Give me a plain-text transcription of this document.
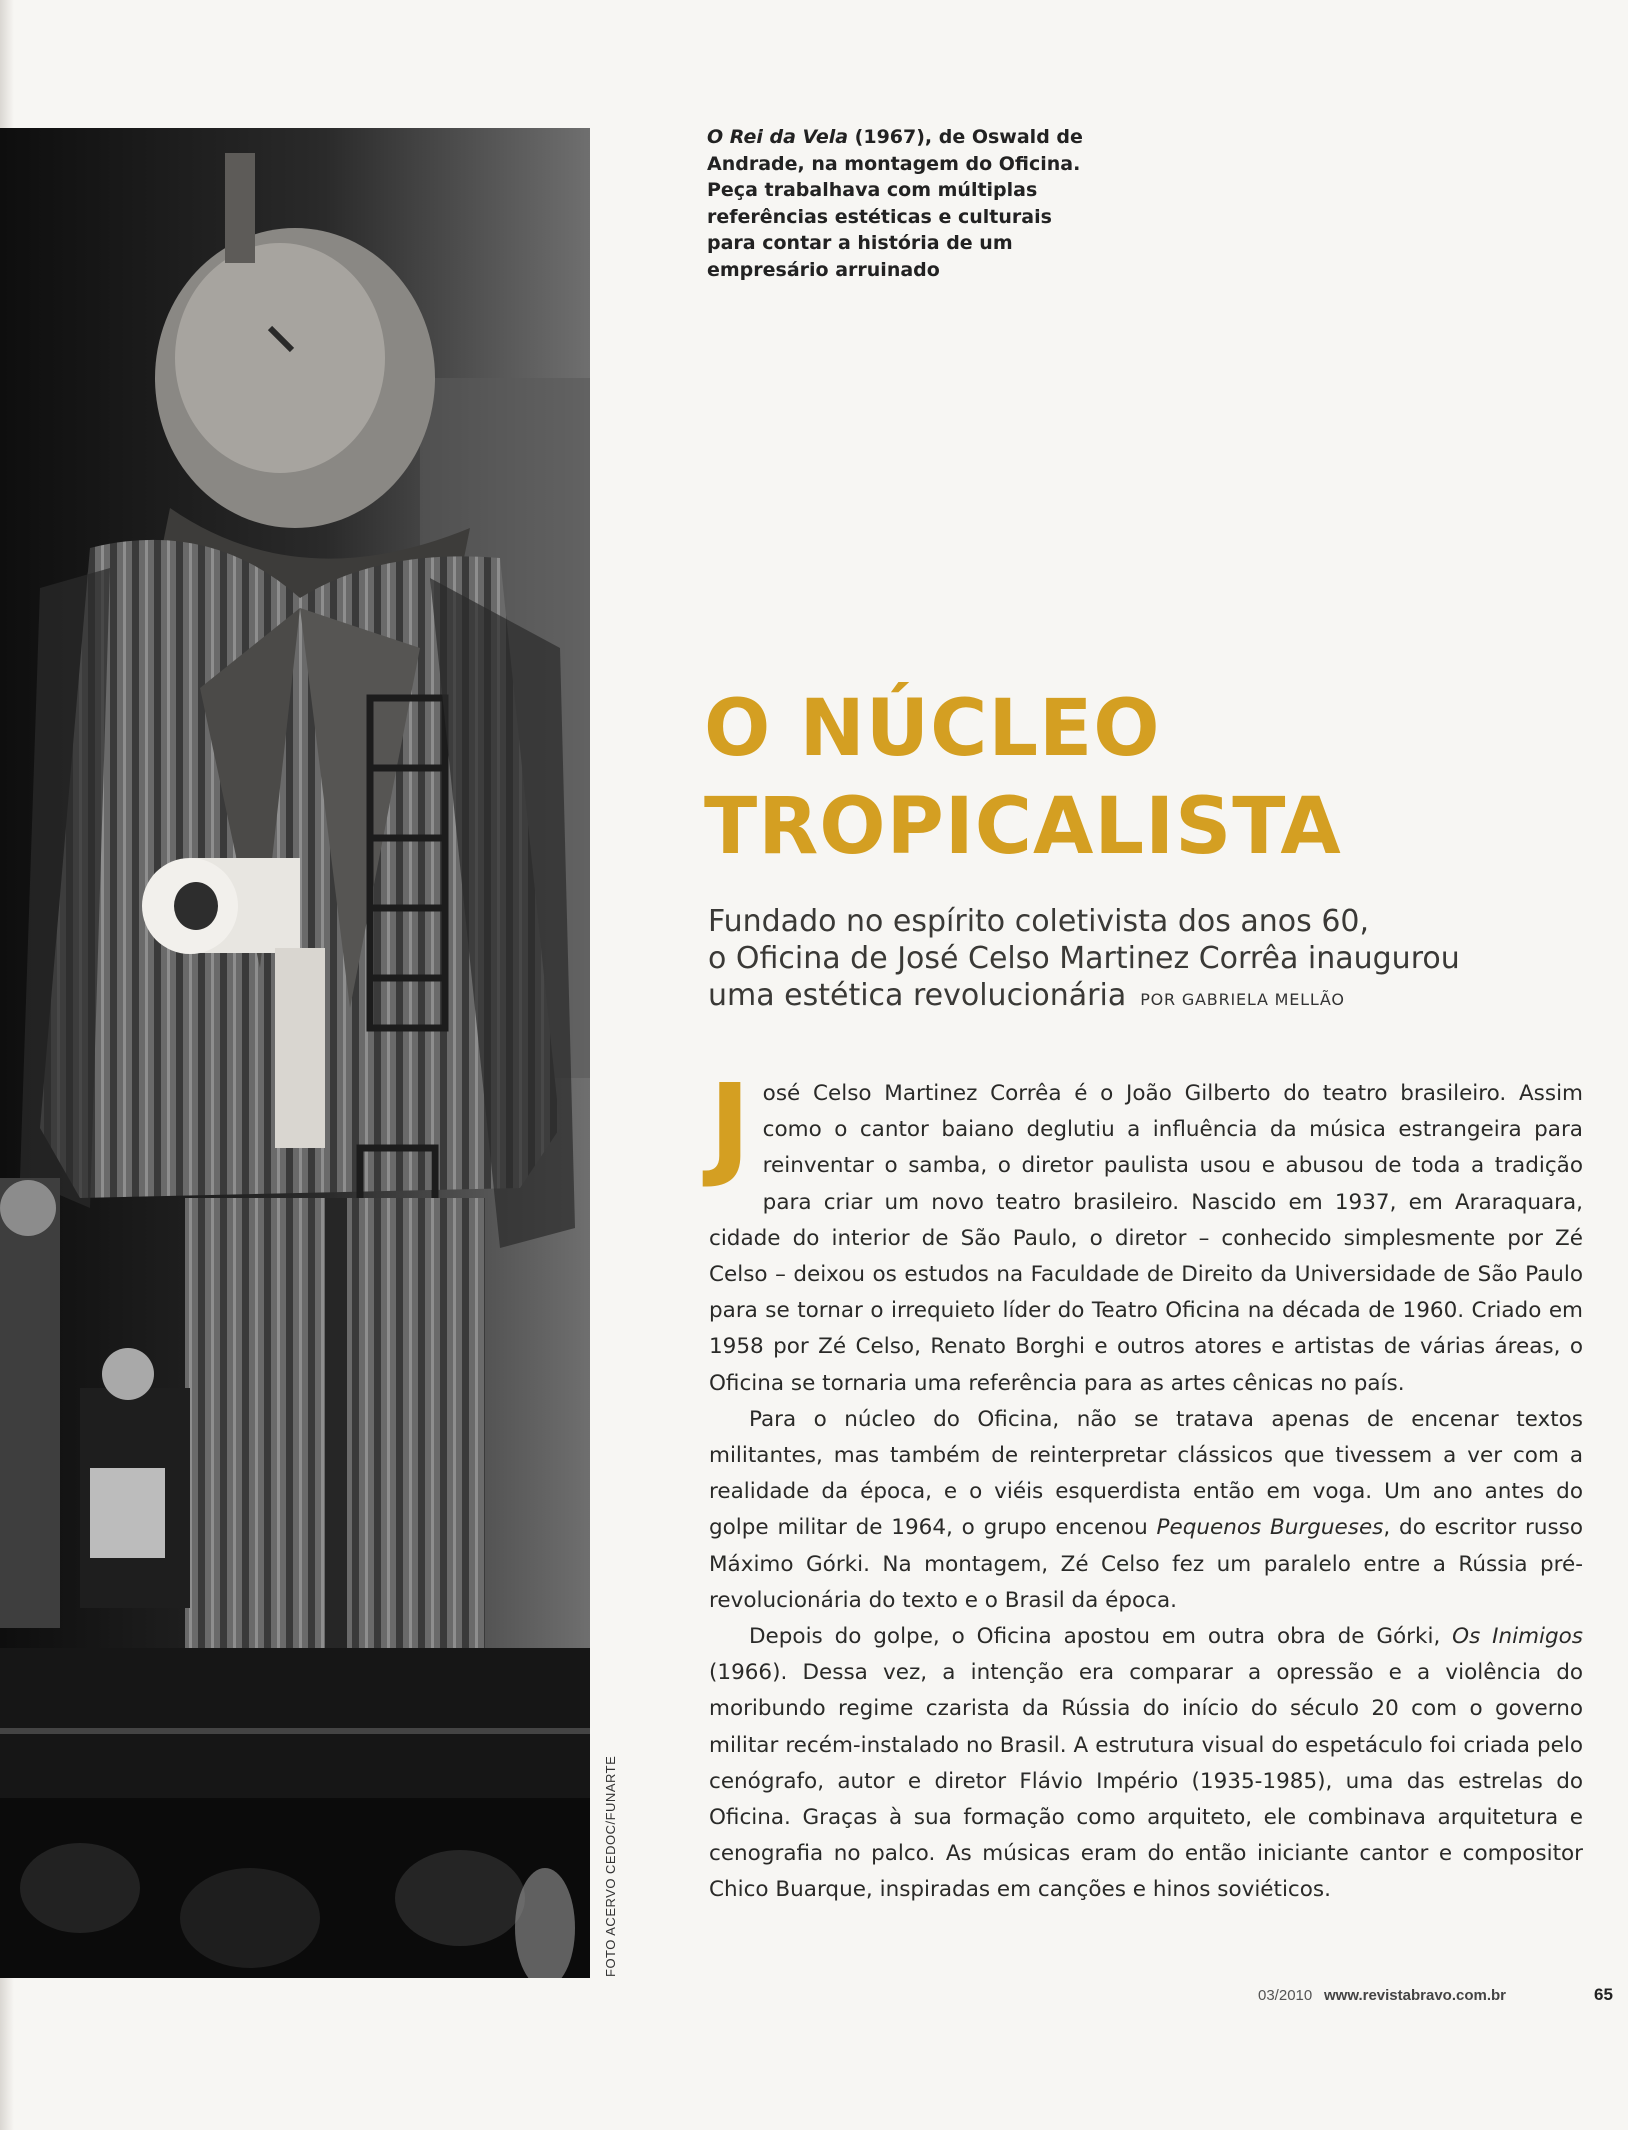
FOTO ACERVO CEDOC/FUNARTE
O Rei da Vela (1967), de Oswald de
Andrade, na montagem do Oficina.
Peça trabalhava com múltiplas
referências estéticas e culturais
para contar a história de um
empresário arruinado
O NÚCLEO
TROPICALISTA
Fundado no espírito coletivista dos anos 60,
o Oficina de José Celso Martinez Corrêa inaugurou
uma estética revolucionária POR GABRIELA MELLÃO

José Celso Martinez Corrêa é o João Gilberto do teatro brasileiro. Assim como o cantor baiano deglutiu a influência da música estrangeira para reinventar o samba, o diretor paulista usou e abusou de toda a tradição para criar um novo teatro brasileiro. Nascido em 1937, em Araraquara, cidade do interior de São Paulo, o diretor – conhecido simplesmente por Zé Celso – deixou os estudos na Faculdade de Direito da Universidade de São Paulo para se tornar o irrequieto líder do Teatro Oficina na década de 1960. Criado em 1958 por Zé Celso, Renato Borghi e outros atores e artistas de várias áreas, o Oficina se tornaria uma referência para as artes cênicas no país.

Para o núcleo do Oficina, não se tratava apenas de encenar textos militantes, mas também de reinterpretar clássicos que tivessem a ver com a realidade da época, e o viéis esquerdista então em voga. Um ano antes do golpe militar de 1964, o grupo encenou Pequenos Burgueses, do escritor russo Máximo Górki. Na montagem, Zé Celso fez um paralelo entre a Rússia pré-revolucionária do texto e o Brasil da época.

Depois do golpe, o Oficina apostou em outra obra de Górki, Os Inimigos (1966). Dessa vez, a intenção era comparar a opressão e a violência do moribundo regime czarista da Rússia do início do século 20 com o governo militar recém-instalado no Brasil. A estrutura visual do espetáculo foi criada pelo cenógrafo, autor e diretor Flávio Império (1935-1985), uma das estrelas do Oficina. Graças à sua formação como arquiteto, ele combinava arquitetura e cenografia no palco. As músicas eram do então iniciante cantor e compositor Chico Buarque, inspiradas em canções e hinos soviéticos.

03/2010 www.revistabravo.com.br	65
